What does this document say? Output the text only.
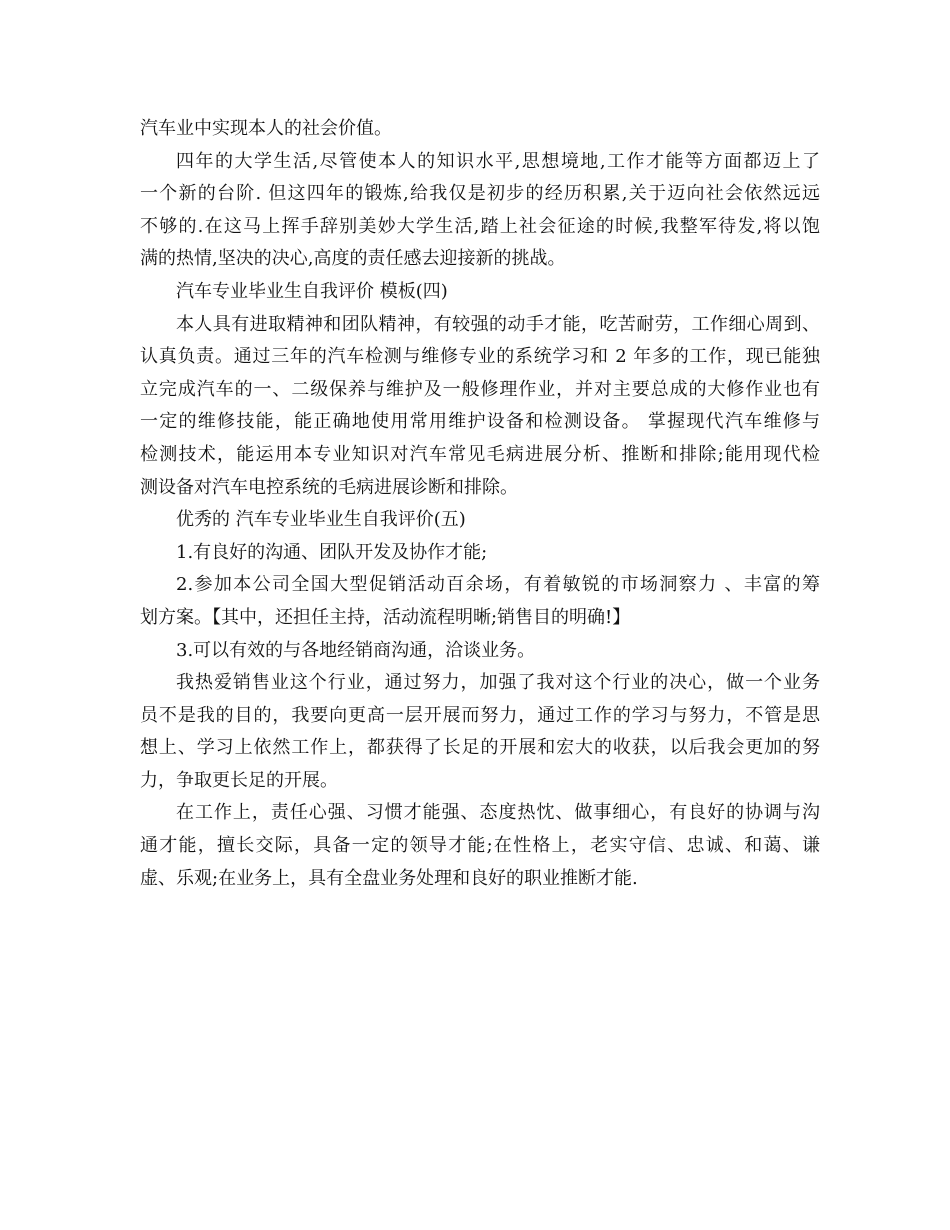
汽车业中实现本人的社会价值。
四年的大学生活,尽管使本人的知识水平,思想境地,工作才能等方面都迈上了
一个新的台阶. 但这四年的锻炼,给我仅是初步的经历积累,关于迈向社会依然远远
不够的.在这马上挥手辞别美妙大学生活,踏上社会征途的时候,我整军待发,将以饱
满的热情,坚决的决心,高度的责任感去迎接新的挑战。
汽车专业毕业生自我评价 模板(四)
本人具有进取精神和团队精神，有较强的动手才能，吃苦耐劳，工作细心周到、
认真负责。通过三年的汽车检测与维修专业的系统学习和 2 年多的工作，现已能独
立完成汽车的一、二级保养与维护及一般修理作业，并对主要总成的大修作业也有
一定的维修技能，能正确地使用常用维护设备和检测设备。 掌握现代汽车维修与
检测技术，能运用本专业知识对汽车常见毛病进展分析、推断和排除;能用现代检
测设备对汽车电控系统的毛病进展诊断和排除。
优秀的 汽车专业毕业生自我评价(五)
1.有良好的沟通、团队开发及协作才能;
2.参加本公司全国大型促销活动百余场，有着敏锐的市场洞察力 、丰富的筹
划方案。【其中，还担任主持，活动流程明晰;销售目的明确!】
3.可以有效的与各地经销商沟通，洽谈业务。
我热爱销售业这个行业，通过努力，加强了我对这个行业的决心，做一个业务
员不是我的目的，我要向更高一层开展而努力，通过工作的学习与努力，不管是思
想上、学习上依然工作上，都获得了长足的开展和宏大的收获，以后我会更加的努
力，争取更长足的开展。
在工作上，责任心强、习惯才能强、态度热忱、做事细心，有良好的协调与沟
通才能，擅长交际，具备一定的领导才能;在性格上，老实守信、忠诚、和蔼、谦
虚、乐观;在业务上，具有全盘业务处理和良好的职业推断才能.
